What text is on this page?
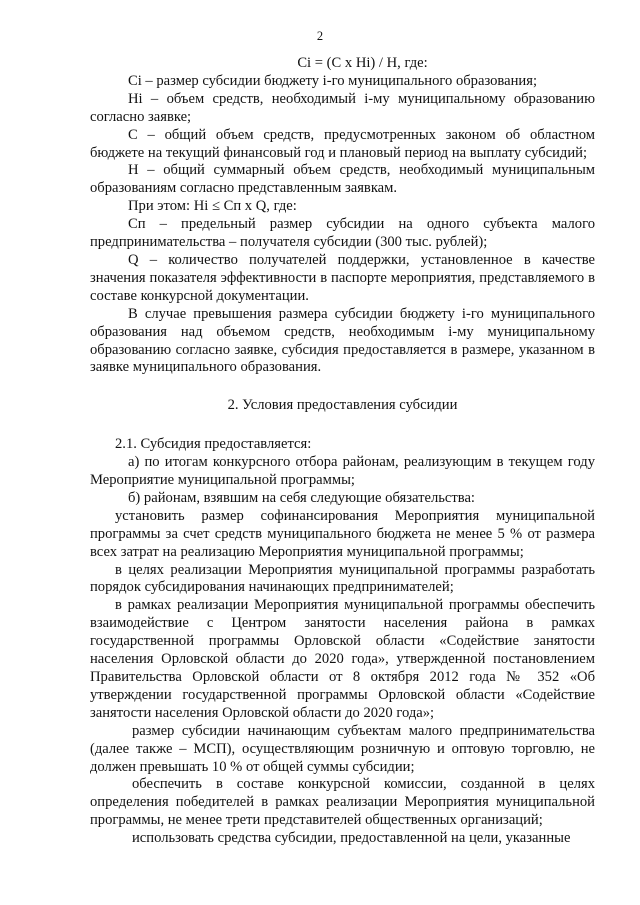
2

Ci = (C x Hi) / H, где:

Ci – размер субсидии бюджету i-го муниципального образования;

Hi – объем средств, необходимый i-му муниципальному образованию согласно заявке;

С – общий объем средств, предусмотренных законом об областном бюджете на текущий финансовый год и плановый период на выплату субсидий;

Н – общий суммарный объем средств, необходимый муниципальным образованиям согласно представленным заявкам.

При этом: Hi ≤ Сп x Q, где:

Сп – предельный размер субсидии на одного субъекта малого предпринимательства – получателя субсидии (300 тыс. рублей);

Q – количество получателей поддержки, установленное в качестве значения показателя эффективности в паспорте мероприятия, представляемого в составе конкурсной документации.

В случае превышения размера субсидии бюджету i-го муниципального образования над объемом средств, необходимым i-му муниципальному образованию согласно заявке, субсидия предоставляется в размере, указанном в заявке муниципального образования.

2. Условия предоставления субсидии

2.1. Субсидия предоставляется:

а) по итогам конкурсного отбора районам, реализующим в текущем году Мероприятие муниципальной программы;

б) районам, взявшим на себя следующие обязательства:

установить размер софинансирования Мероприятия муниципальной программы за счет средств муниципального бюджета не менее 5 % от размера всех затрат на реализацию Мероприятия муниципальной программы;

в целях реализации Мероприятия муниципальной программы разработать порядок субсидирования начинающих предпринимателей;

в рамках реализации Мероприятия муниципальной программы обеспечить взаимодействие с Центром занятости населения района в рамках государственной программы Орловской области «Содействие занятости населения Орловской области до 2020 года», утвержденной постановлением Правительства Орловской области от 8 октября 2012 года № 352 «Об утверждении государственной программы Орловской области «Содействие занятости населения Орловской области до 2020 года»;

размер субсидии начинающим субъектам малого предпринимательства (далее также – МСП), осуществляющим розничную и оптовую торговлю, не должен превышать 10 % от общей суммы субсидии;

обеспечить в составе конкурсной комиссии, созданной в целях определения победителей в рамках реализации Мероприятия муниципальной программы, не менее трети представителей общественных организаций;

использовать средства субсидии, предоставленной на цели, указанные
